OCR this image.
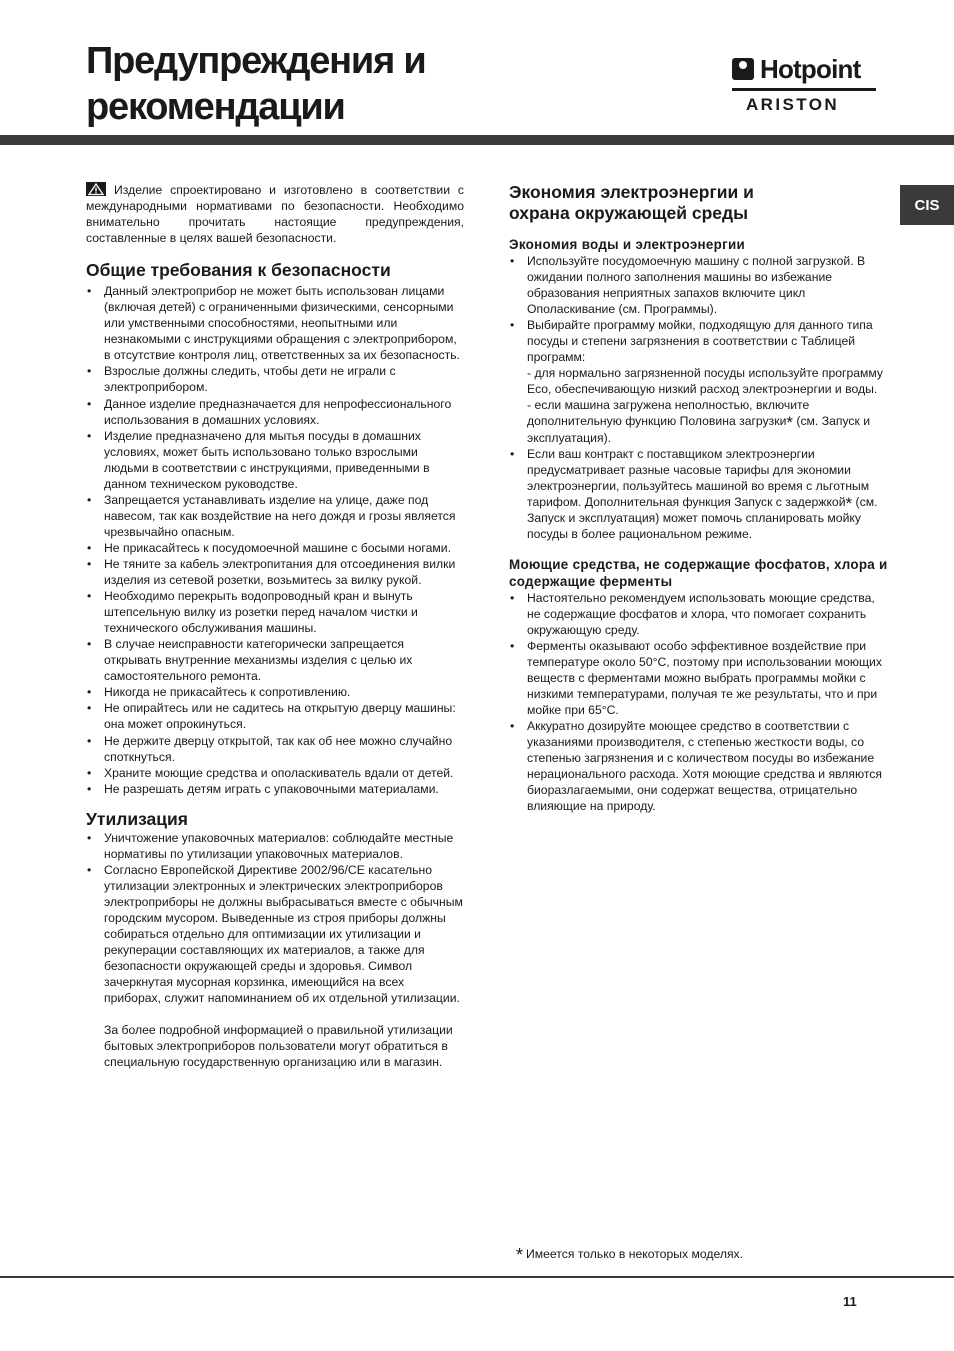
Предупреждения и
рекомендации
Hotpoint
ARISTON
CIS

Изделие спроектировано и изготовлено в соответствии с международными нормативами по безопасности. Необходимо внимательно прочитать настоящие предупреждения, составленные в целях вашей безопасности.

Общие требования к безопасности
• Данный электроприбор не может быть использован лицами (включая детей) с ограниченными физическими, сенсорными или умственными способностями, неопытными или незнакомыми с инструкциями обращения с электроприбором, в отсутствие контроля лиц, ответственных за их безопасность.
• Взрослые должны следить, чтобы дети не играли с электроприбором.
• Данное изделие предназначается для непрофессионального использования в домашних условиях.
• Изделие предназначено для мытья посуды в домашних условиях, может быть использовано только взрослыми людьми в соответствии с инструкциями, приведенными в данном техническом руководстве.
• Запрещается устанавливать изделие на улице, даже под навесом, так как воздействие на него дождя и грозы является чрезвычайно опасным.
• Не прикасайтесь к посудомоечной машине с босыми ногами.
• Не тяните за кабель электропитания для отсоединения вилки изделия из сетевой розетки, возьмитесь за вилку рукой.
• Необходимо перекрыть водопроводный кран и вынуть штепсельную вилку из розетки перед началом чистки и технического обслуживания машины.
• В случае неисправности категорически запрещается открывать внутренние механизмы изделия с целью их самостоятельного ремонта.
• Никогда не прикасайтесь к сопротивлению.
• Не опирайтесь или не садитесь на открытую дверцу машины: она может опрокинуться.
• Не держите дверцу открытой, так как об нее можно случайно споткнуться.
• Храните моющие средства и ополаскиватель вдали от детей.
• Не разрешать детям играть с упаковочными материалами.
Утилизация
• Уничтожение упаковочных материалов: соблюдайте местные нормативы по утилизации упаковочных материалов.
• Согласно Европейской Директиве 2002/96/CE касательно утилизации электронных и электрических электроприборов электроприборы не должны выбрасываться вместе с обычным городским мусором. Выведенные из строя приборы должны собираться отдельно для оптимизации их утилизации и рекуперации составляющих их материалов, а также для безопасности окружающей среды и здоровья. Символ зачеркнутая мусорная корзинка, имеющийся на всех приборах, служит напоминанием об их отдельной утилизации.
За более подробной информацией о правильной утилизации бытовых электроприборов пользователи могут обратиться в специальную государственную организацию или в магазин.
Экономия электроэнергии и
охрана окружающей среды
Экономия воды и электроэнергии
• Используйте посудомоечную машину с полной загрузкой. В ожидании полного заполнения машины во избежание образования неприятных запахов включите цикл Ополаскивание (см. Программы).
• Выбирайте программу мойки, подходящую для данного типа посуды и степени загрязнения в соответствии с Таблицей программ:
- для нормально загрязненной посуды используйте программу Eco, обеспечивающую низкий расход электроэнергии и воды.
- если машина загружена неполностью, включите дополнительную функцию Половина загрузки* (см. Запуск и эксплуатация).
• Если ваш контракт с поставщиком электроэнергии предусматривает разные часовые тарифы для экономии электроэнергии, пользуйтесь машиной во время с льготным тарифом. Дополнительная функция Запуск с задержкой* (см. Запуск и эксплуатация) может помочь спланировать мойку посуды в более рациональном режиме.
Моющие средства, не содержащие фосфатов, хлора и содержащие ферменты
• Настоятельно рекомендуем использовать моющие средства, не содержащие фосфатов и хлора, что помогает сохранить окружающую среду.
• Ферменты оказывают особо эффективное воздействие при температуре около 50°C, поэтому при использовании моющих веществ с ферментами можно выбрать программы мойки с низкими температурами, получая те же результаты, что и при мойке при 65°C.
• Аккуратно дозируйте моющее средство в соответствии с указаниями производителя, с степенью жесткости воды, со степенью загрязнения и с количеством посуды во избежание нерационального расхода. Хотя моющие средства и являются биоразлагаемыми, они содержат вещества, отрицательно влияющие на природу.
* Имеется только в некоторых моделях.
11
